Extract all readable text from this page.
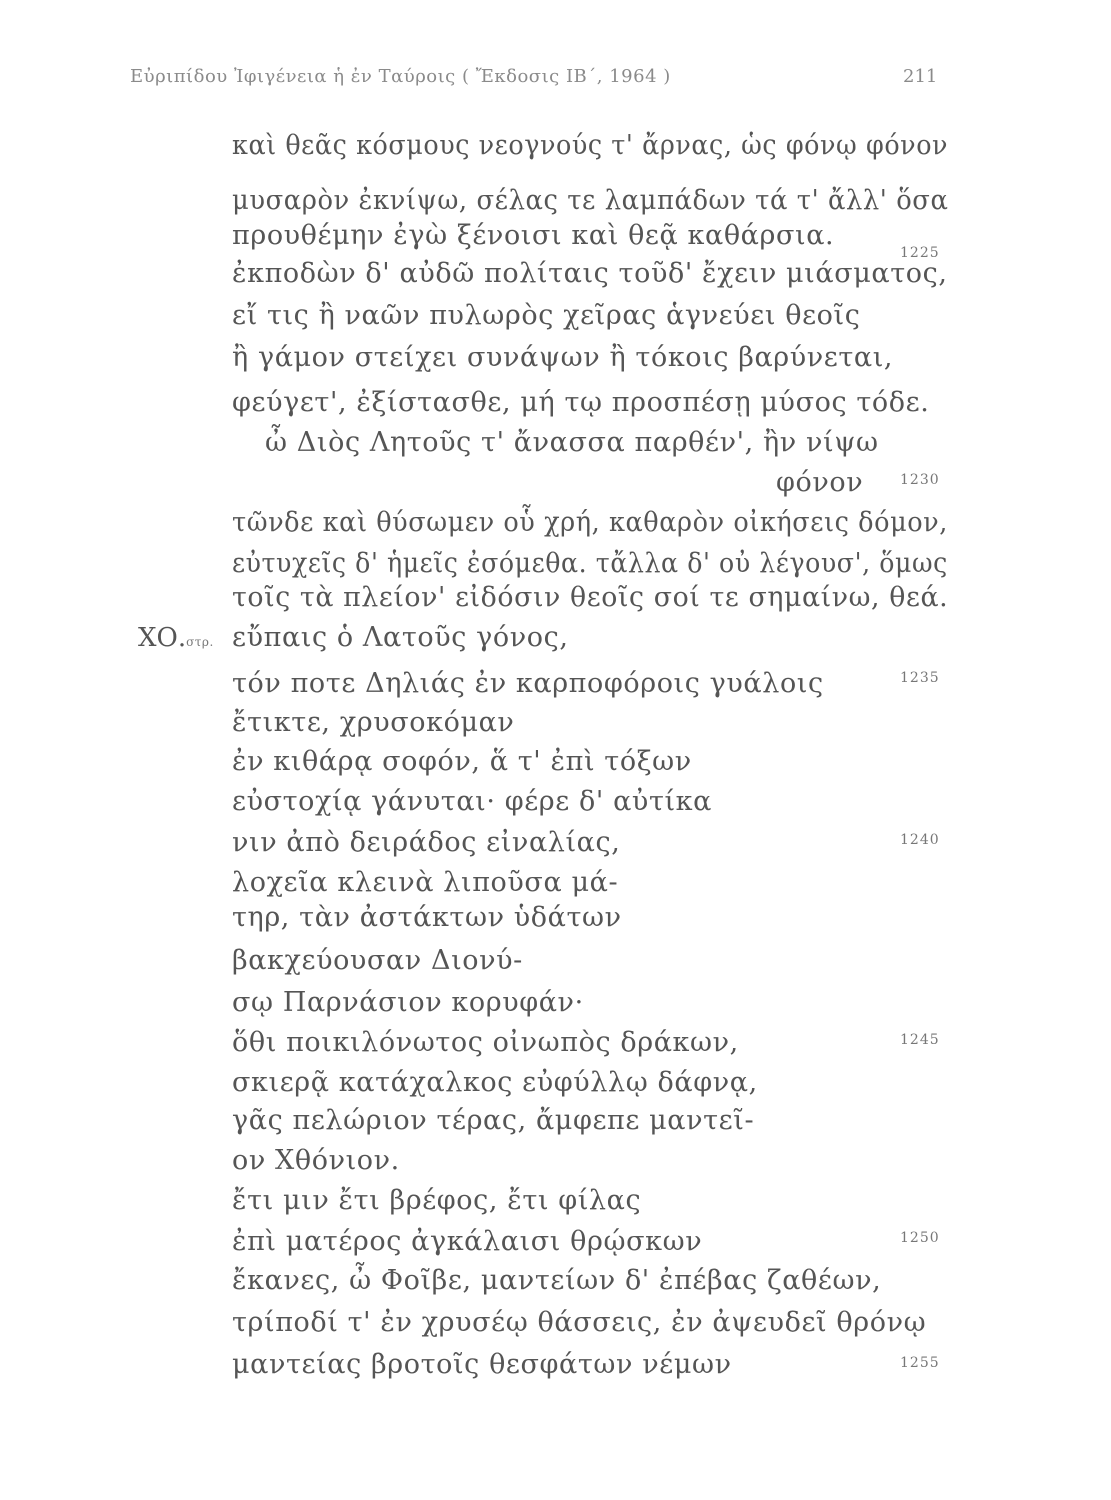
Εὐριπίδου Ἰφιγένεια ἡ ἐν Ταύροις ( Ἔκδοσις ΙΒ΄, 1964 )	211
ΧΟ.στρ.
καὶ θεᾶς κόσμους νεογνούς τ' ἄρνας, ὡς φόνῳ φόνον
μυσαρὸν ἐκνίψω, σέλας τε λαμπάδων τά τ' ἄλλ' ὅσα
προυθέμην ἐγὼ ξένοισι καὶ θεᾷ καθάρσια.
ἐκποδὼν δ' αὐδῶ πολίταις τοῦδ' ἔχειν μιάσματος,
εἴ τις ἢ ναῶν πυλωρὸς χεῖρας ἁγνεύει θεοῖς
ἢ γάμον στείχει συνάψων ἢ τόκοις βαρύνεται,
φεύγετ', ἐξίστασθε, μή τῳ προσπέσῃ μύσος τόδε.
ὦ Διὸς Λητοῦς τ' ἄνασσα παρθέν', ἢν νίψω
φόνον
τῶνδε καὶ θύσωμεν οὗ χρή, καθαρὸν οἰκήσεις δόμον,
εὐτυχεῖς δ' ἡμεῖς ἐσόμεθα. τἄλλα δ' οὐ λέγουσ', ὅμως
τοῖς τὰ πλείον' εἰδόσιν θεοῖς σοί τε σημαίνω, θεά.
εὔπαις ὁ Λατοῦς γόνος,
τόν ποτε Δηλιάς ἐν καρποφόροις γυάλοις
ἔτικτε, χρυσοκόμαν
ἐν κιθάρᾳ σοφόν, ἅ τ' ἐπὶ τόξων
εὐστοχίᾳ γάνυται· φέρε δ' αὐτίκα
νιν ἀπὸ δειράδος εἰναλίας,
λοχεῖα κλεινὰ λιποῦσα μά-
τηρ, τὰν ἀστάκτων ὑδάτων
βακχεύουσαν Διονύ-
σῳ Παρνάσιον κορυφάν·
ὅθι ποικιλόνωτος οἰνωπὸς δράκων,
σκιερᾷ κατάχαλκος εὐφύλλῳ δάφνᾳ,
γᾶς πελώριον τέρας, ἄμφεπε μαντεῖ-
ον Χθόνιον.
ἔτι μιν ἔτι βρέφος, ἔτι φίλας
ἐπὶ ματέρος ἀγκάλαισι θρῴσκων
ἔκανες, ὦ Φοῖβε, μαντείων δ' ἐπέβας ζαθέων,
τρίποδί τ' ἐν χρυσέῳ θάσσεις, ἐν ἀψευδεῖ θρόνῳ
μαντείας βροτοῖς θεσφάτων νέμων
1225
1230
1235
1240
1245
1250
1255
